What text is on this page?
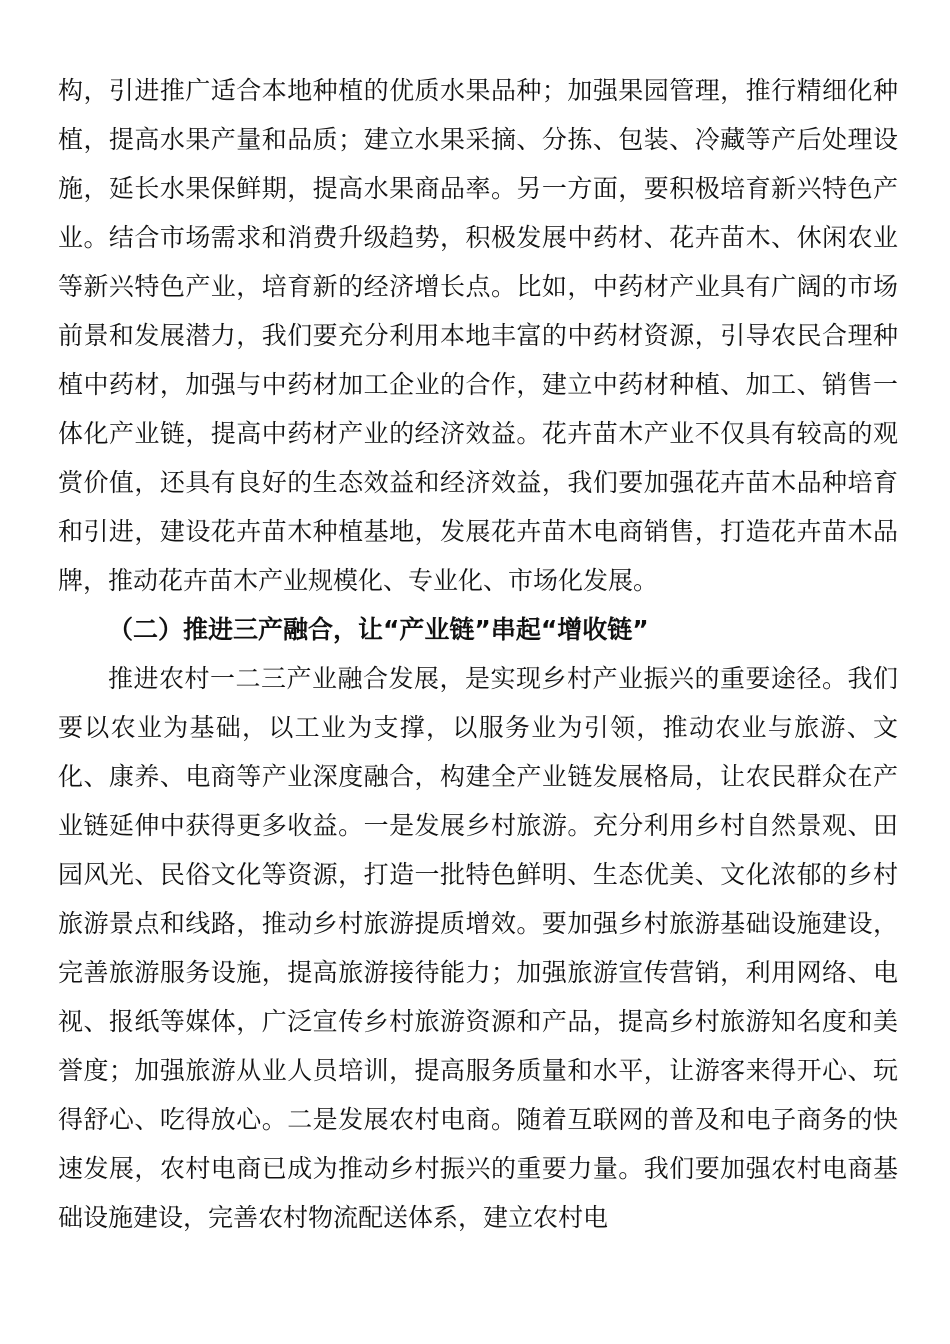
构，引进推广适合本地种植的优质水果品种；加强果园管理，推行精细化种植，提高水果产量和品质；建立水果采摘、分拣、包装、冷藏等产后处理设施，延长水果保鲜期，提高水果商品率。另一方面，要积极培育新兴特色产业。结合市场需求和消费升级趋势，积极发展中药材、花卉苗木、休闲农业等新兴特色产业，培育新的经济增长点。比如，中药材产业具有广阔的市场前景和发展潜力，我们要充分利用本地丰富的中药材资源，引导农民合理种植中药材，加强与中药材加工企业的合作，建立中药材种植、加工、销售一体化产业链，提高中药材产业的经济效益。花卉苗木产业不仅具有较高的观赏价值，还具有良好的生态效益和经济效益，我们要加强花卉苗木品种培育和引进，建设花卉苗木种植基地，发展花卉苗木电商销售，打造花卉苗木品牌，推动花卉苗木产业规模化、专业化、市场化发展。

（二）推进三产融合，让“产业链”串起“增收链”

推进农村一二三产业融合发展，是实现乡村产业振兴的重要途径。我们要以农业为基础，以工业为支撑，以服务业为引领，推动农业与旅游、文化、康养、电商等产业深度融合，构建全产业链发展格局，让农民群众在产业链延伸中获得更多收益。一是发展乡村旅游。充分利用乡村自然景观、田园风光、民俗文化等资源，打造一批特色鲜明、生态优美、文化浓郁的乡村旅游景点和线路，推动乡村旅游提质增效。要加强乡村旅游基础设施建设，完善旅游服务设施，提高旅游接待能力；加强旅游宣传营销，利用网络、电视、报纸等媒体，广泛宣传乡村旅游资源和产品，提高乡村旅游知名度和美誉度；加强旅游从业人员培训，提高服务质量和水平，让游客来得开心、玩得舒心、吃得放心。二是发展农村电商。随着互联网的普及和电子商务的快速发展，农村电商已成为推动乡村振兴的重要力量。我们要加强农村电商基础设施建设，完善农村物流配送体系，建立农村电
